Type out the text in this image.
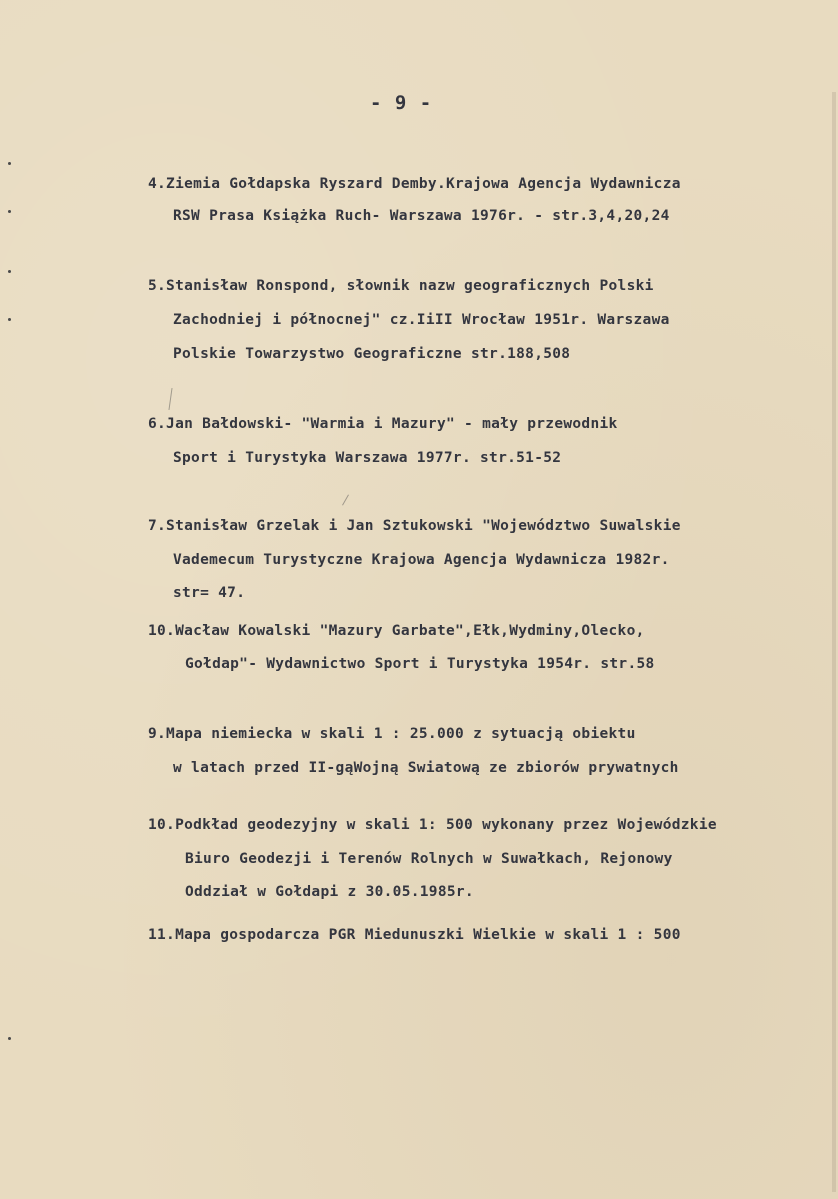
- 9 -
4.Ziemia Gołdapska Ryszard Demby.Krajowa Agencja Wydawnicza
RSW Prasa Książka Ruch- Warszawa 1976r. - str.3,4,20,24
5.Stanisław Ronspond, słownik nazw geograficznych Polski
Zachodniej i północnej" cz.IiII Wrocław 1951r. Warszawa
Polskie Towarzystwo Geograficzne str.188,508
6.Jan Bałdowski- "Warmia i Mazury" - mały przewodnik
Sport i Turystyka Warszawa 1977r. str.51-52
7.Stanisław Grzelak i Jan Sztukowski "Województwo Suwalskie
Vademecum Turystyczne Krajowa Agencja Wydawnicza 1982r.
str= 47.
10.Wacław Kowalski "Mazury Garbate",Ełk,Wydminy,Olecko,
Gołdap"- Wydawnictwo Sport i Turystyka 1954r. str.58
9.Mapa niemiecka w skali 1 : 25.000 z sytuacją obiektu
w latach przed II-gąWojną Swiatową ze zbiorów prywatnych
10.Podkład geodezyjny w skali 1: 500 wykonany przez Wojewódzkie
Biuro Geodezji i Terenów Rolnych w Suwałkach, Rejonowy
Oddział w Gołdapi z 30.05.1985r.
11.Mapa gospodarcza PGR Miedunuszki Wielkie w skali 1 : 500
